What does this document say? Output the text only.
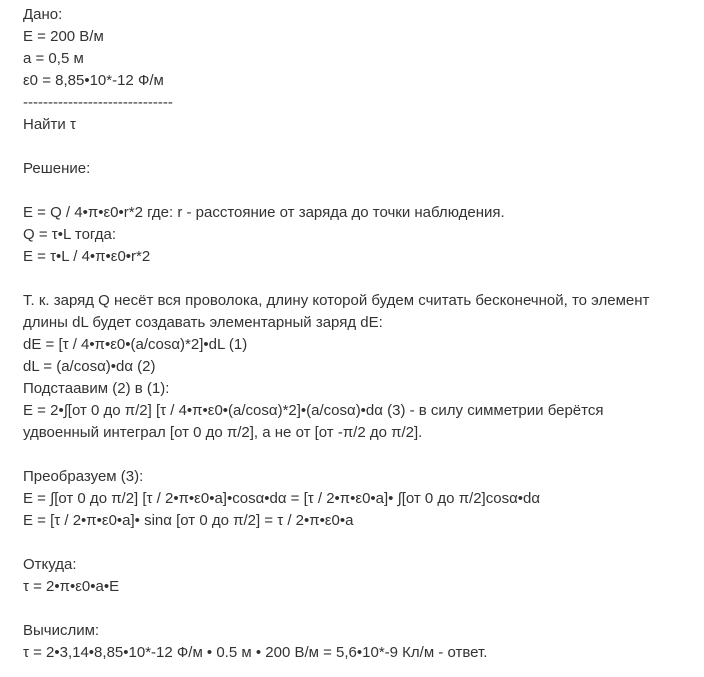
Дано:
E = 200 В/м
a = 0,5 м
ε0 = 8,85•10*-12 Ф/м
------------------------------
Найти τ
Решение:
E = Q / 4•π•ε0•r*2 где: r - расстояние от заряда до точки наблюдения.
Q = τ•L тогда:
E = τ•L / 4•π•ε0•r*2
Т. к. заряд Q несёт вся проволока, длину которой будем считать бесконечной, то элемент
длины dL будет создавать элементарный заряд dE:
dE = [τ / 4•π•ε0•(a/cosα)*2]•dL (1)
dL = (a/cosα)•dα (2)
Подстаавим (2) в (1):
E = 2•∫[от 0 до π/2] [τ / 4•π•ε0•(a/cosα)*2]•(a/cosα)•dα (3) - в силу симметрии берётся
удвоенный интеграл [от 0 до π/2], а не от [от -π/2 до π/2].
Преобразуем (3):
E = ∫[от 0 до π/2] [τ / 2•π•ε0•a]•cosα•dα = [τ / 2•π•ε0•a]• ∫[от 0 до π/2]cosα•dα
E = [τ / 2•π•ε0•a]• sinα [от 0 до π/2] = τ / 2•π•ε0•a
Откуда:
τ = 2•π•ε0•a•E
Вычислим:
τ = 2•3,14•8,85•10*-12 Ф/м • 0.5 м • 200 В/м = 5,6•10*-9 Кл/м - ответ.
